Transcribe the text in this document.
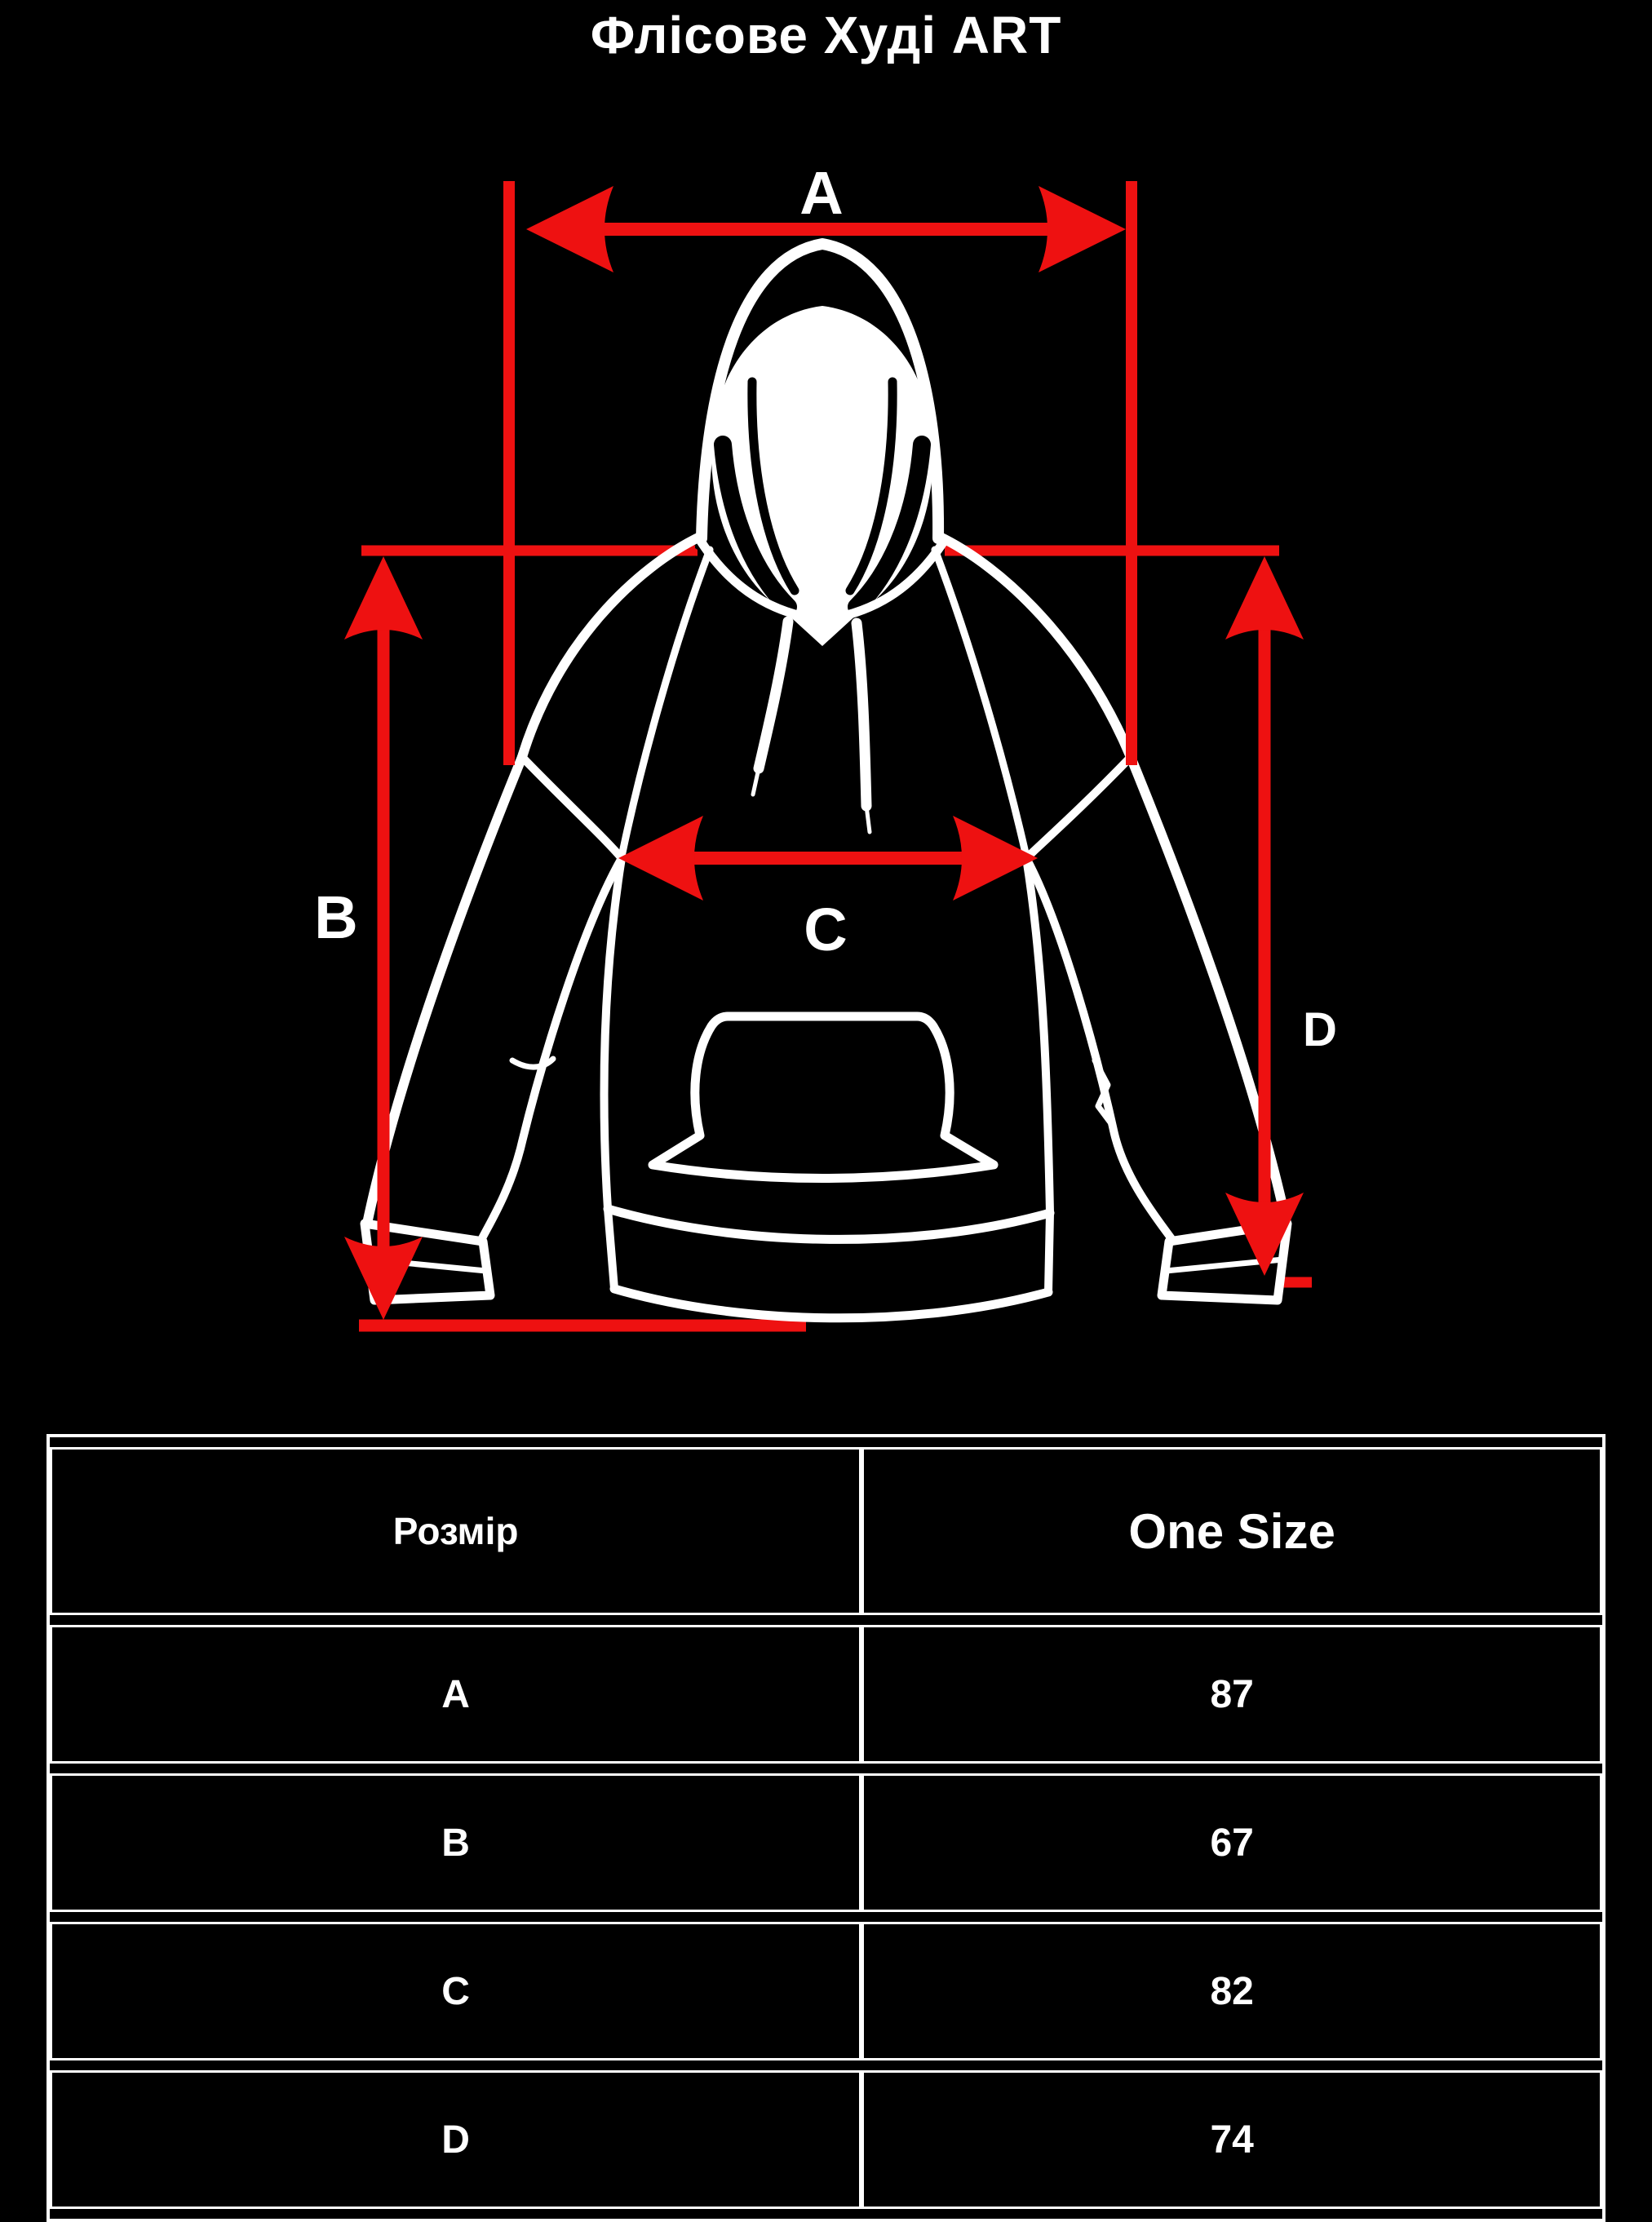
Флісове Худі ART
A
B	C
D
Розмір	One Size
A	87
B	67
C	82
D	74
